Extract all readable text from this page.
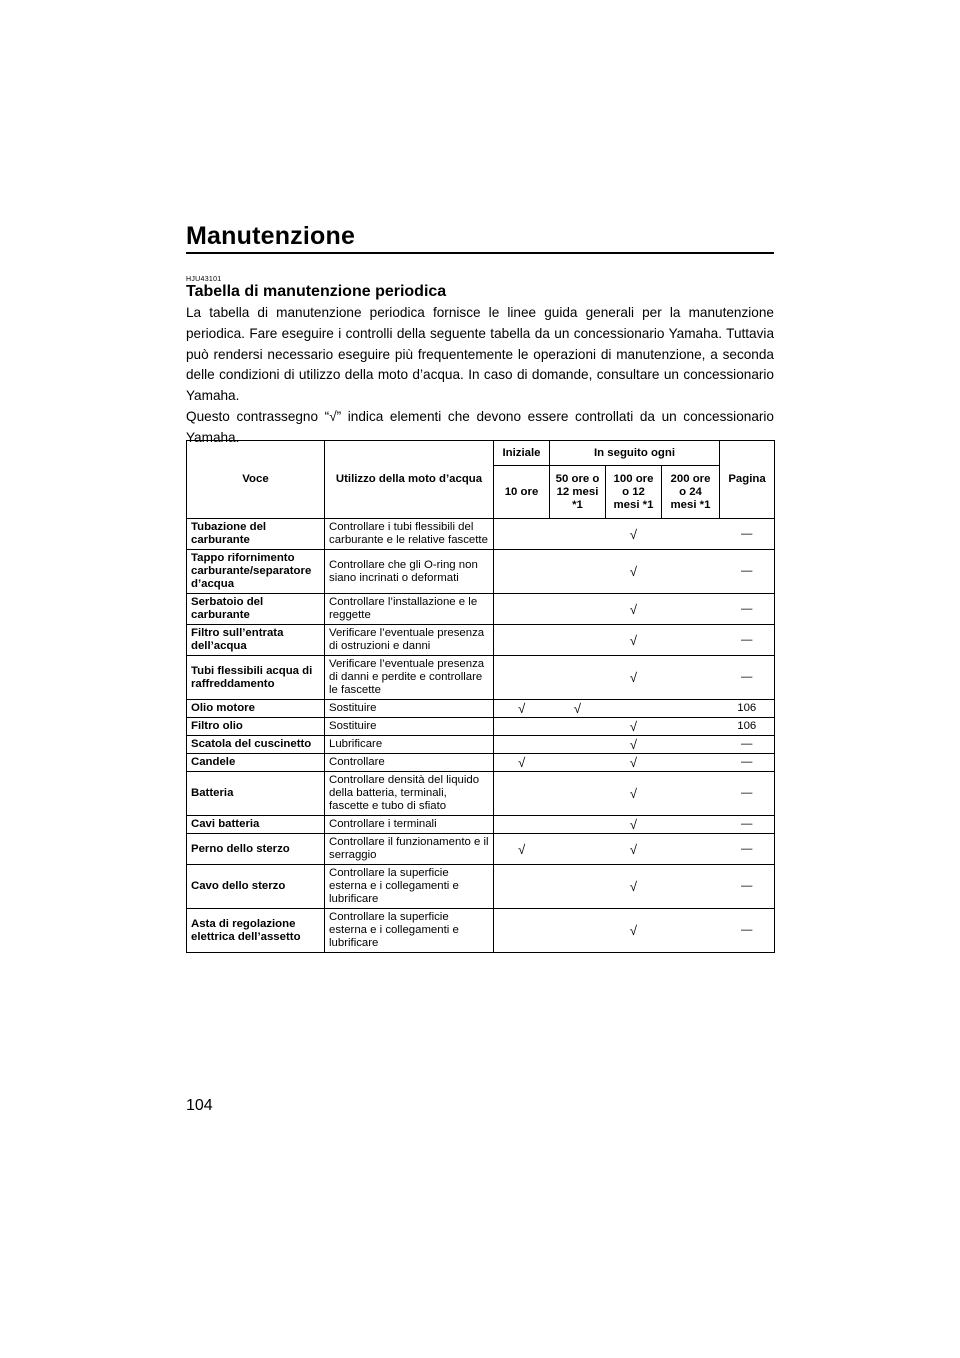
Manutenzione
HJU43101
Tabella di manutenzione periodica

La tabella di manutenzione periodica fornisce le linee guida generali per la manutenzione periodica. Fare eseguire i controlli della seguente tabella da un concessionario Yamaha. Tuttavia può rendersi necessario eseguire più frequentemente le operazioni di manutenzione, a seconda delle condizioni di utilizzo della moto d’acqua. In caso di domande, consultare un concessionario Yamaha.

Questo contrassegno “√” indica elementi che devono essere controllati da un concessionario Yamaha.

Voce	Utilizzo della moto d’acqua	Iniziale	In seguito ogni			Pagina
		10 ore	50 ore o 12 mesi *1	100 ore o 12 mesi *1	200 ore o 24 mesi *1	
Tubazione del carburante	Controllare i tubi flessibili del carburante e le relative fascette			√		—
Tappo rifornimento carburante/separatore d’acqua	Controllare che gli O-ring non siano incrinati o deformati			√		—
Serbatoio del carburante	Controllare l’installazione e le reggette			√		—
Filtro sull’entrata dell’acqua	Verificare l’eventuale presenza di ostruzioni e danni			√		—
Tubi flessibili acqua di raffreddamento	Verificare l’eventuale presenza di danni e perdite e controllare le fascette			√		—
Olio motore	Sostituire	√	√			106
Filtro olio	Sostituire			√		106
Scatola del cuscinetto	Lubrificare			√		—
Candele	Controllare	√		√		—
Batteria	Controllare densità del liquido della batteria, terminali, fascette e tubo di sfiato			√		—
Cavi batteria	Controllare i terminali			√		—
Perno dello sterzo	Controllare il funzionamento e il serraggio	√		√		—
Cavo dello sterzo	Controllare la superficie esterna e i collegamenti e lubrificare			√		—
Asta di regolazione elettrica dell’assetto	Controllare la superficie esterna e i collegamenti e lubrificare			√		—
104
